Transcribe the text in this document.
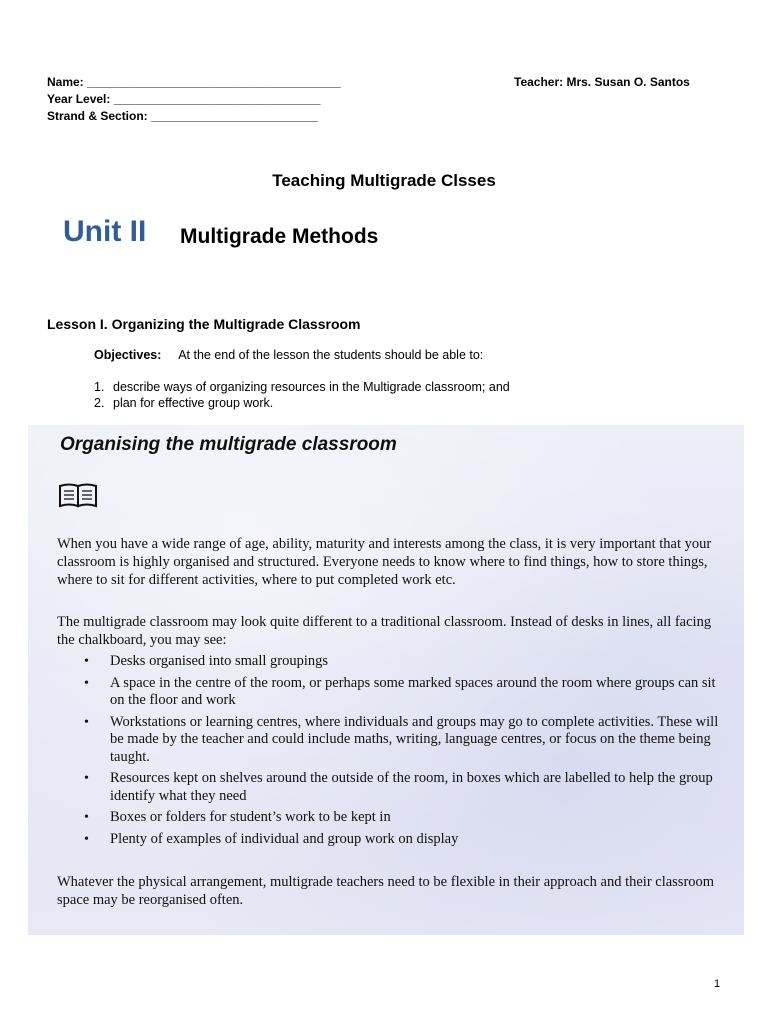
Name: ______________________________________
Year Level: _______________________________
Strand & Section: _________________________
Teacher: Mrs. Susan O. Santos
Teaching Multigrade Clsses
Unit II Multigrade Methods
Lesson I. Organizing the Multigrade Classroom
Objectives: At the end of the lesson the students should be able to:
1. describe ways of organizing resources in the Multigrade classroom; and
2. plan for effective group work.
Organising the multigrade classroom

When you have a wide range of age, ability, maturity and interests among the class, it is very important that your classroom is highly organised and structured. Everyone needs to know where to find things, how to store things, where to sit for different activities, where to put completed work etc.

The multigrade classroom may look quite different to a traditional classroom. Instead of desks in lines, all facing the chalkboard, you may see:

• Desks organised into small groupings
• A space in the centre of the room, or perhaps some marked spaces around the room where groups can sit on the floor and work
• Workstations or learning centres, where individuals and groups may go to complete activities. These will be made by the teacher and could include maths, writing, language centres, or focus on the theme being taught.
• Resources kept on shelves around the outside of the room, in boxes which are labelled to help the group identify what they need
• Boxes or folders for student’s work to be kept in
• Plenty of examples of individual and group work on display

Whatever the physical arrangement, multigrade teachers need to be flexible in their approach and their classroom space may be reorganised often.

1
